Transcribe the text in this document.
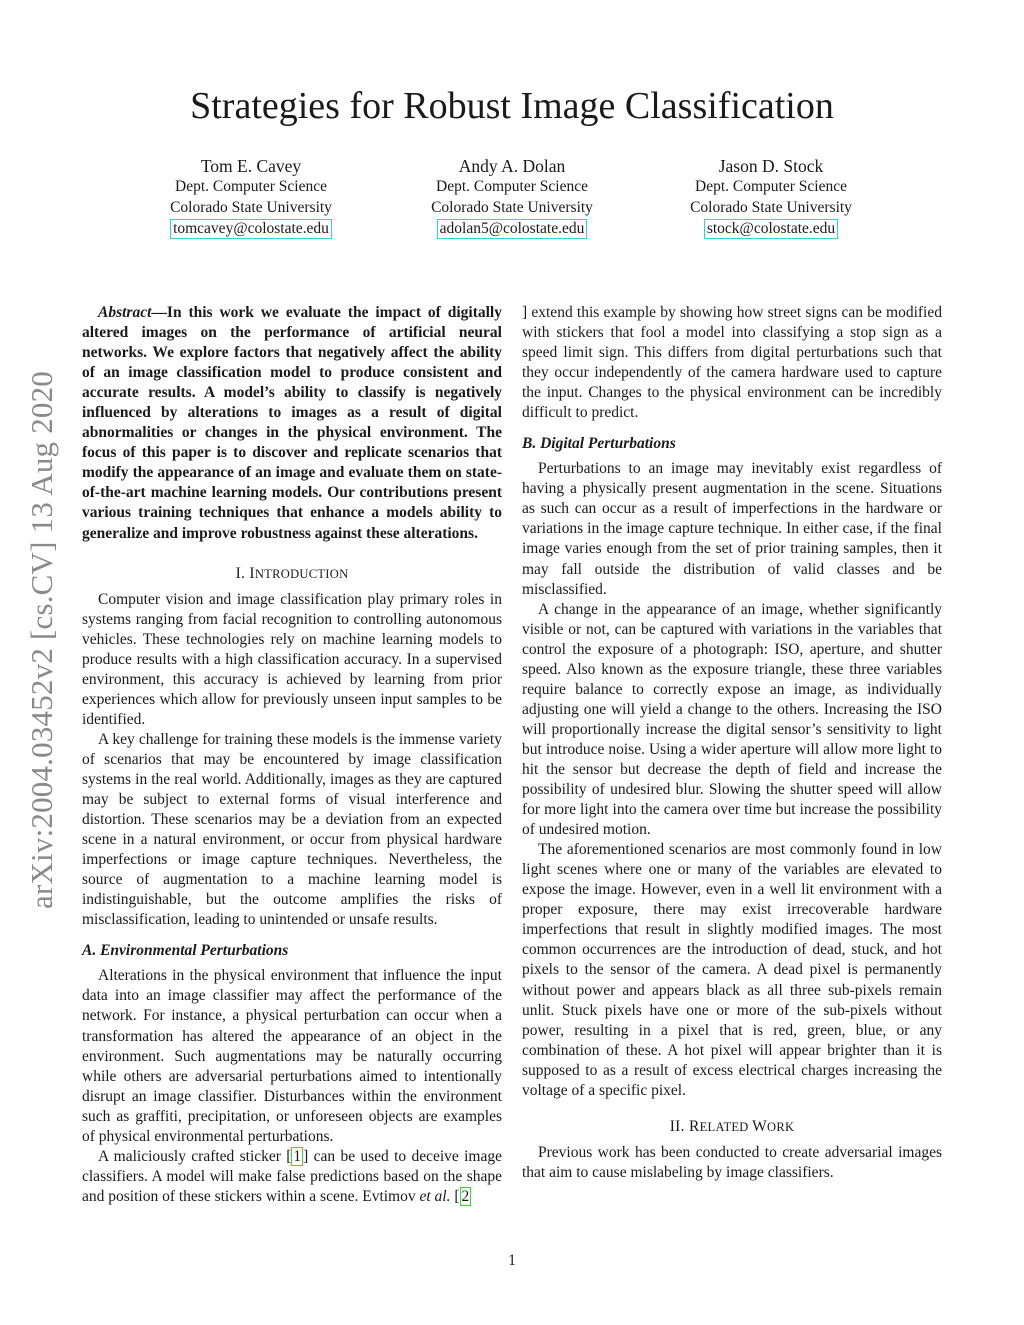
arXiv:2004.03452v2 [cs.CV] 13 Aug 2020
Strategies for Robust Image Classification
Tom E. Cavey
Dept. Computer Science
Colorado State University
tomcavey@colostate.edu
Andy A. Dolan
Dept. Computer Science
Colorado State University
adolan5@colostate.edu
Jason D. Stock
Dept. Computer Science
Colorado State University
stock@colostate.edu

Abstract—In this work we evaluate the impact of digitally altered images on the performance of artificial neural networks. We explore factors that negatively affect the ability of an image classification model to produce consistent and accurate results. A model’s ability to classify is negatively influenced by alterations to images as a result of digital abnormalities or changes in the physical environment. The focus of this paper is to discover and replicate scenarios that modify the appearance of an image and evaluate them on state-of-the-art machine learning models. Our contributions present various training techniques that enhance a models ability to generalize and improve robustness against these alterations.

I. INTRODUCTION

Computer vision and image classification play primary roles in systems ranging from facial recognition to controlling autonomous vehicles. These technologies rely on machine learning models to produce results with a high classification accuracy. In a supervised environment, this accuracy is achieved by learning from prior experiences which allow for previously unseen input samples to be identified.

A key challenge for training these models is the immense variety of scenarios that may be encountered by image classification systems in the real world. Additionally, images as they are captured may be subject to external forms of visual interference and distortion. These scenarios may be a deviation from an expected scene in a natural environment, or occur from physical hardware imperfections or image capture techniques. Nevertheless, the source of augmentation to a machine learning model is indistinguishable, but the outcome amplifies the risks of misclassification, leading to unintended or unsafe results.

A. Environmental Perturbations

Alterations in the physical environment that influence the input data into an image classifier may affect the performance of the network. For instance, a physical perturbation can occur when a transformation has altered the appearance of an object in the environment. Such augmentations may be naturally occurring while others are adversarial perturbations aimed to intentionally disrupt an image classifier. Disturbances within the environment such as graffiti, precipitation, or unforeseen objects are examples of physical environmental perturbations.

A maliciously crafted sticker [ 1 ] can be used to deceive image classifiers. A model will make false predictions based on the shape and position of these stickers within a scene. Evtimov et al. [ 2

] extend this example by showing how street signs can be modified with stickers that fool a model into classifying a stop sign as a speed limit sign. This differs from digital perturbations such that they occur independently of the camera hardware used to capture the input. Changes to the physical environment can be incredibly difficult to predict.

B. Digital Perturbations

Perturbations to an image may inevitably exist regardless of having a physically present augmentation in the scene. Situations as such can occur as a result of imperfections in the hardware or variations in the image capture technique. In either case, if the final image varies enough from the set of prior training samples, then it may fall outside the distribution of valid classes and be misclassified.

A change in the appearance of an image, whether significantly visible or not, can be captured with variations in the variables that control the exposure of a photograph: ISO, aperture, and shutter speed. Also known as the exposure triangle, these three variables require balance to correctly expose an image, as individually adjusting one will yield a change to the others. Increasing the ISO will proportionally increase the digital sensor’s sensitivity to light but introduce noise. Using a wider aperture will allow more light to hit the sensor but decrease the depth of field and increase the possibility of undesired blur. Slowing the shutter speed will allow for more light into the camera over time but increase the possibility of undesired motion.

The aforementioned scenarios are most commonly found in low light scenes where one or many of the variables are elevated to expose the image. However, even in a well lit environment with a proper exposure, there may exist irrecoverable hardware imperfections that result in slightly modified images. The most common occurrences are the introduction of dead, stuck, and hot pixels to the sensor of the camera. A dead pixel is permanently without power and appears black as all three sub-pixels remain unlit. Stuck pixels have one or more of the sub-pixels without power, resulting in a pixel that is red, green, blue, or any combination of these. A hot pixel will appear brighter than it is supposed to as a result of excess electrical charges increasing the voltage of a specific pixel.

II. RELATED WORK

Previous work has been conducted to create adversarial images that aim to cause mislabeling by image classifiers.

1
